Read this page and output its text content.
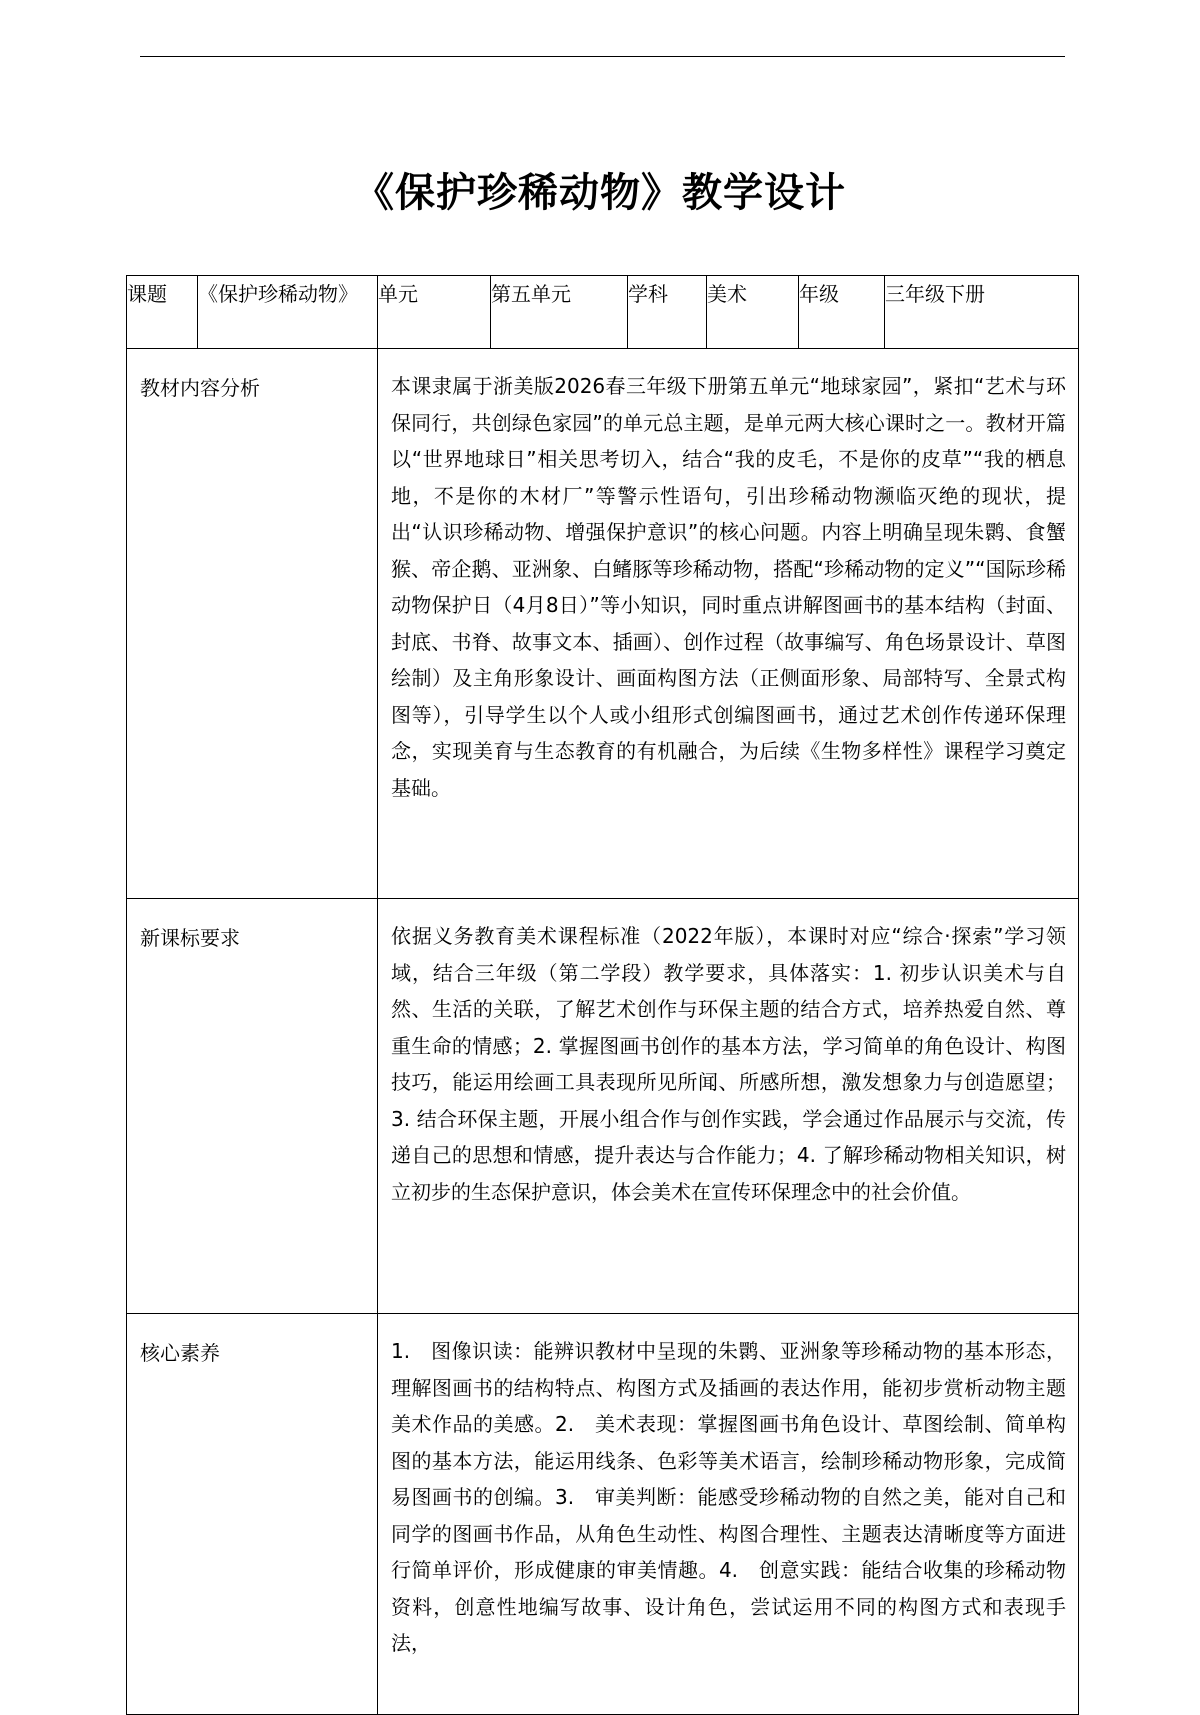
《保护珍稀动物》教学设计
课题	《保护珍稀动物》	单元	第五单元	学科	美术	年级	三年级下册
教材内容分析		本课隶属于浙美版2026春三年级下册第五单元“地球家园”，紧扣“艺术与环保同行，共创绿色家园”的单元总主题，是单元两大核心课时之一。教材开篇以“世界地球日”相关思考切入，结合“我的皮毛，不是你的皮草”“我的栖息地，不是你的木材厂”等警示性语句，引出珍稀动物濒临灭绝的现状，提出“认识珍稀动物、增强保护意识”的核心问题。内容上明确呈现朱鹮、食蟹猴、帝企鹅、亚洲象、白鳍豚等珍稀动物，搭配“珍稀动物的定义”“国际珍稀动物保护日（4月8日）”等小知识，同时重点讲解图画书的基本结构（封面、封底、书脊、故事文本、插画）、创作过程（故事编写、角色场景设计、草图绘制）及主角形象设计、画面构图方法（正侧面形象、局部特写、全景式构图等），引导学生以个人或小组形式创编图画书，通过艺术创作传递环保理念，实现美育与生态教育的有机融合，为后续《生物多样性》课程学习奠定基础。					
新课标要求		依据义务教育美术课程标准（2022年版），本课时对应“综合·探索”学习领域，结合三年级（第二学段）教学要求，具体落实：1. 初步认识美术与自然、生活的关联，了解艺术创作与环保主题的结合方式，培养热爱自然、尊重生命的情感；2. 掌握图画书创作的基本方法，学习简单的角色设计、构图技巧，能运用绘画工具表现所见所闻、所感所想，激发想象力与创造愿望；3. 结合环保主题，开展小组合作与创作实践，学会通过作品展示与交流，传递自己的思想和情感，提升表达与合作能力；4. 了解珍稀动物相关知识，树立初步的生态保护意识，体会美术在宣传环保理念中的社会价值。					
核心素养		1.　图像识读：能辨识教材中呈现的朱鹮、亚洲象等珍稀动物的基本形态，理解图画书的结构特点、构图方式及插画的表达作用，能初步赏析动物主题美术作品的美感。2.　美术表现：掌握图画书角色设计、草图绘制、简单构图的基本方法，能运用线条、色彩等美术语言，绘制珍稀动物形象，完成简易图画书的创编。3.　审美判断：能感受珍稀动物的自然之美，能对自己和同学的图画书作品，从角色生动性、构图合理性、主题表达清晰度等方面进行简单评价，形成健康的审美情趣。4.　创意实践：能结合收集的珍稀动物资料，创意性地编写故事、设计角色，尝试运用不同的构图方式和表现手法，					
